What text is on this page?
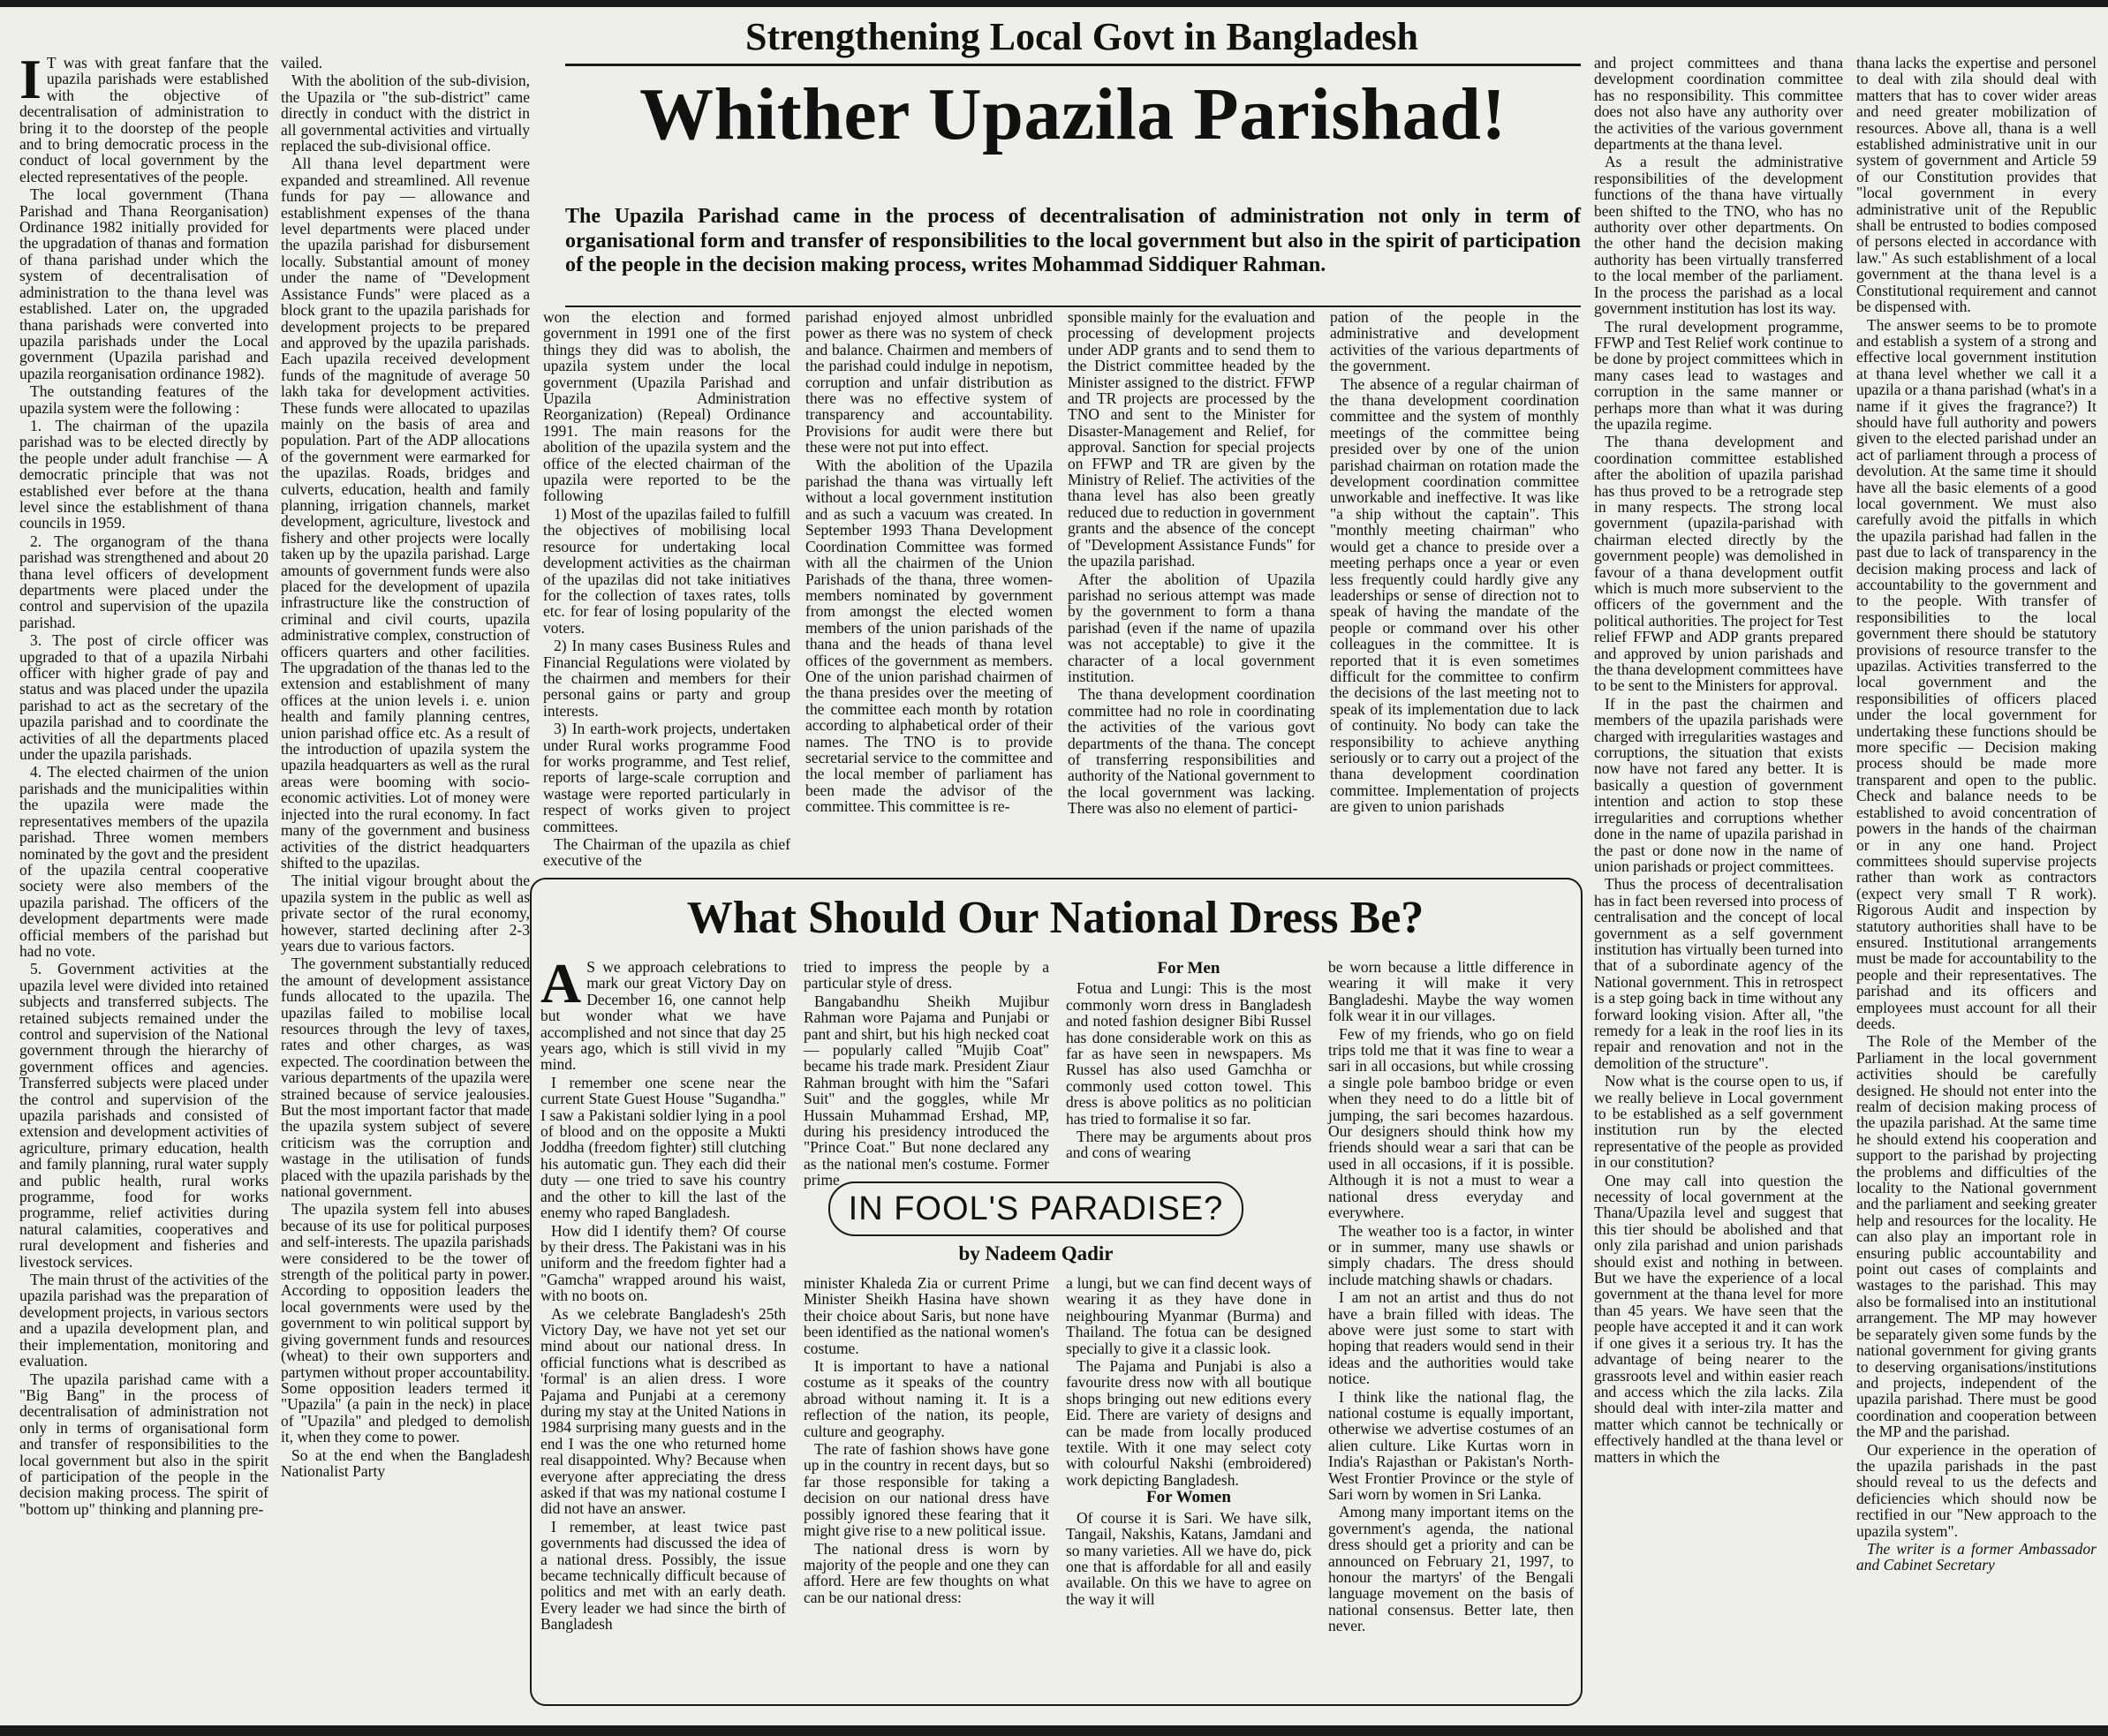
Strengthening Local Govt in Bangladesh
Whither Upazila Parishad!
The Upazila Parishad came in the process of decentralisation of administration not only in term of organisational form and transfer of responsibilities to the local government but also in the spirit of participation of the people in the decision making process, writes Mohammad Siddiquer Rahman.
I T was with great fanfare that the upazila parishads were established with the objective of decentralisation of administration to bring it to the doorstep of the people and to bring democratic process in the conduct of local government by the elected representatives of the people.

The local government (Thana Parishad and Thana Reorganisation) Ordinance 1982 initially provided for the upgradation of thanas and formation of thana parishad under which the system of decentralisation of administration to the thana level was established. Later on, the upgraded thana parishads were converted into upazila parishads under the Local government (Upazila parishad and upazila reorganisation ordinance 1982).

The outstanding features of the upazila system were the following :

1. The chairman of the upazila parishad was to be elected directly by the people under adult franchise — A democratic principle that was not established ever before at the thana level since the establishment of thana councils in 1959.

2. The organogram of the thana parishad was strengthened and about 20 thana level officers of development departments were placed under the control and supervision of the upazila parishad.

3. The post of circle officer was upgraded to that of a upazila Nirbahi officer with higher grade of pay and status and was placed under the upazila parishad to act as the secretary of the upazila parishad and to coordinate the activities of all the departments placed under the upazila parishads.

4. The elected chairmen of the union parishads and the municipalities within the upazila were made the representatives members of the upazila parishad. Three women members nominated by the govt and the president of the upazila central cooperative society were also members of the upazila parishad. The officers of the development departments were made official members of the parishad but had no vote.

5. Government activities at the upazila level were divided into retained subjects and transferred subjects. The retained subjects remained under the control and supervision of the National government through the hierarchy of government offices and agencies. Transferred subjects were placed under the control and supervision of the upazila parishads and consisted of extension and development activities of agriculture, primary education, health and family planning, rural water supply and public health, rural works programme, food for works programme, relief activities during natural calamities, cooperatives and rural development and fisheries and livestock services.

The main thrust of the activities of the upazila parishad was the preparation of development projects, in various sectors and a upazila development plan, and their implementation, monitoring and evaluation.

The upazila parishad came with a "Big Bang" in the process of decentralisation of administration not only in terms of organisational form and transfer of responsibilities to the local government but also in the spirit of participation of the people in the decision making process. The spirit of "bottom up" thinking and planning pre-

vailed.

With the abolition of the sub-division, the Upazila or "the sub-district" came directly in conduct with the district in all governmental activities and virtually replaced the sub-divisional office.

All thana level department were expanded and streamlined. All revenue funds for pay — allowance and establishment expenses of the thana level departments were placed under the upazila parishad for disbursement locally. Substantial amount of money under the name of "Development Assistance Funds" were placed as a block grant to the upazila parishads for development projects to be prepared and approved by the upazila parishads. Each upazila received development funds of the magnitude of average 50 lakh taka for development activities. These funds were allocated to upazilas mainly on the basis of area and population. Part of the ADP allocations of the government were earmarked for the upazilas. Roads, bridges and culverts, education, health and family planning, irrigation channels, market development, agriculture, livestock and fishery and other projects were locally taken up by the upazila parishad. Large amounts of government funds were also placed for the development of upazila infrastructure like the construction of criminal and civil courts, upazila administrative complex, construction of officers quarters and other facilities. The upgradation of the thanas led to the extension and establishment of many offices at the union levels i. e. union health and family planning centres, union parishad office etc. As a result of the introduction of upazila system the upazila headquarters as well as the rural areas were booming with socio-economic activities. Lot of money were injected into the rural economy. In fact many of the government and business activities of the district headquarters shifted to the upazilas.

The initial vigour brought about the upazila system in the public as well as private sector of the rural economy, however, started declining after 2-3 years due to various factors.

The government substantially reduced the amount of development assistance funds allocated to the upazila. The upazilas failed to mobilise local resources through the levy of taxes, rates and other charges, as was expected. The coordination between the various departments of the upazila were strained because of service jealousies. But the most important factor that made the upazila system subject of severe criticism was the corruption and wastage in the utilisation of funds placed with the upazila parishads by the national government.

The upazila system fell into abuses because of its use for political purposes and self-interests. The upazila parishads were considered to be the tower of strength of the political party in power. According to opposition leaders the local governments were used by the government to win political support by giving government funds and resources (wheat) to their own supporters and partymen without proper accountability. Some opposition leaders termed it "Upazila" (a pain in the neck) in place of "Upazila" and pledged to demolish it, when they come to power.

So at the end when the Bangladesh Nationalist Party

won the election and formed government in 1991 one of the first things they did was to abolish, the upazila system under the local government (Upazila Parishad and Upazila Administration Reorganization) (Repeal) Ordinance 1991. The main reasons for the abolition of the upazila system and the office of the elected chairman of the upazila were reported to be the following

1) Most of the upazilas failed to fulfill the objectives of mobilising local resource for undertaking local development activities as the chairman of the upazilas did not take initiatives for the collection of taxes rates, tolls etc. for fear of losing popularity of the voters.

2) In many cases Business Rules and Financial Regulations were violated by the chairmen and members for their personal gains or party and group interests.

3) In earth-work projects, undertaken under Rural works programme Food for works programme, and Test relief, reports of large-scale corruption and wastage were reported particularly in respect of works given to project committees.

The Chairman of the upazila as chief executive of the

parishad enjoyed almost unbridled power as there was no system of check and balance. Chairmen and members of the parishad could indulge in nepotism, corruption and unfair distribution as there was no effective system of transparency and accountability. Provisions for audit were there but these were not put into effect.

With the abolition of the Upazila parishad the thana was virtually left without a local government institution and as such a vacuum was created. In September 1993 Thana Development Coordination Committee was formed with all the chairmen of the Union Parishads of the thana, three women-members nominated by government from amongst the elected women members of the union parishads of the thana and the heads of thana level offices of the government as members. One of the union parishad chairmen of the thana presides over the meeting of the committee each month by rotation according to alphabetical order of their names. The TNO is to provide secretarial service to the committee and the local member of parliament has been made the advisor of the committee. This committee is re-

sponsible mainly for the evaluation and processing of development projects under ADP grants and to send them to the District committee headed by the Minister assigned to the district. FFWP and TR projects are processed by the TNO and sent to the Minister for Disaster-Management and Relief, for approval. Sanction for special projects on FFWP and TR are given by the Ministry of Relief. The activities of the thana level has also been greatly reduced due to reduction in government grants and the absence of the concept of "Development Assistance Funds" for the upazila parishad.

After the abolition of Upazila parishad no serious attempt was made by the government to form a thana parishad (even if the name of upazila was not acceptable) to give it the character of a local government institution.

The thana development coordination committee had no role in coordinating the activities of the various govt departments of the thana. The concept of transferring responsibilities and authority of the National government to the local government was lacking. There was also no element of partici-

pation of the people in the administrative and development activities of the various departments of the government.

The absence of a regular chairman of the thana development coordination committee and the system of monthly meetings of the committee being presided over by one of the union parishad chairman on rotation made the development coordination committee unworkable and ineffective. It was like "a ship without the captain". This "monthly meeting chairman" who would get a chance to preside over a meeting perhaps once a year or even less frequently could hardly give any leaderships or sense of direction not to speak of having the mandate of the people or command over his other colleagues in the committee. It is reported that it is even sometimes difficult for the committee to confirm the decisions of the last meeting not to speak of its implementation due to lack of continuity. No body can take the responsibility to achieve anything seriously or to carry out a project of the thana development coordination committee. Implementation of projects are given to union parishads

and project committees and thana development coordination committee has no responsibility. This committee does not also have any authority over the activities of the various government departments at the thana level.

As a result the administrative responsibilities of the development functions of the thana have virtually been shifted to the TNO, who has no authority over other departments. On the other hand the decision making authority has been virtually transferred to the local member of the parliament. In the process the parishad as a local government institution has lost its way.

The rural development programme, FFWP and Test Relief work continue to be done by project committees which in many cases lead to wastages and corruption in the same manner or perhaps more than what it was during the upazila regime.

The thana development and coordination committee established after the abolition of upazila parishad has thus proved to be a retrograde step in many respects. The strong local government (upazila-parishad with chairman elected directly by the government people) was demolished in favour of a thana development outfit which is much more subservient to the officers of the government and the political authorities. The project for Test relief FFWP and ADP grants prepared and approved by union parishads and the thana development committees have to be sent to the Ministers for approval.

If in the past the chairmen and members of the upazila parishads were charged with irregularities wastages and corruptions, the situation that exists now have not fared any better. It is basically a question of government intention and action to stop these irregularities and corruptions whether done in the name of upazila parishad in the past or done now in the name of union parishads or project committees.

Thus the process of decentralisation has in fact been reversed into process of centralisation and the concept of local government as a self government institution has virtually been turned into that of a subordinate agency of the National government. This in retrospect is a step going back in time without any forward looking vision. After all, "the remedy for a leak in the roof lies in its repair and renovation and not in the demolition of the structure".

Now what is the course open to us, if we really believe in Local government to be established as a self government institution run by the elected representative of the people as provided in our constitution?

One may call into question the necessity of local government at the Thana/Upazila level and suggest that this tier should be abolished and that only zila parishad and union parishads should exist and nothing in between. But we have the experience of a local government at the thana level for more than 45 years. We have seen that the people have accepted it and it can work if one gives it a serious try. It has the advantage of being nearer to the grassroots level and within easier reach and access which the zila lacks. Zila should deal with inter-zila matter and matter which cannot be technically or effectively handled at the thana level or matters in which the

thana lacks the expertise and personel to deal with zila should deal with matters that has to cover wider areas and need greater mobilization of resources. Above all, thana is a well established administrative unit in our system of government and Article 59 of our Constitution provides that "local government in every administrative unit of the Republic shall be entrusted to bodies composed of persons elected in accordance with law." As such establishment of a local government at the thana level is a Constitutional requirement and cannot be dispensed with.

The answer seems to be to promote and establish a system of a strong and effective local government institution at thana level whether we call it a upazila or a thana parishad (what's in a name if it gives the fragrance?) It should have full authority and powers given to the elected parishad under an act of parliament through a process of devolution. At the same time it should have all the basic elements of a good local government. We must also carefully avoid the pitfalls in which the upazila parishad had fallen in the past due to lack of transparency in the decision making process and lack of accountability to the government and to the people. With transfer of responsibilities to the local government there should be statutory provisions of resource transfer to the upazilas. Activities transferred to the local government and the responsibilities of officers placed under the local government for undertaking these functions should be more specific — Decision making process should be made more transparent and open to the public. Check and balance needs to be established to avoid concentration of powers in the hands of the chairman or in any one hand. Project committees should supervise projects rather than work as contractors (expect very small T R work). Rigorous Audit and inspection by statutory authorities shall have to be ensured. Institutional arrangements must be made for accountability to the people and their representatives. The parishad and its officers and employees must account for all their deeds.

The Role of the Member of the Parliament in the local government activities should be carefully designed. He should not enter into the realm of decision making process of the upazila parishad. At the same time he should extend his cooperation and support to the parishad by projecting the problems and difficulties of the locality to the National government and the parliament and seeking greater help and resources for the locality. He can also play an important role in ensuring public accountability and point out cases of complaints and wastages to the parishad. This may also be formalised into an institutional arrangement. The MP may however be separately given some funds by the national government for giving grants to deserving organisations/institutions and projects, independent of the upazila parishad. There must be good coordination and cooperation between the MP and the parishad.

Our experience in the operation of the upazila parishads in the past should reveal to us the defects and deficiencies which should now be rectified in our "New approach to the upazila system".

The writer is a former Ambassador and Cabinet Secretary

What Should Our National Dress Be?
A S we approach celebrations to mark our great Victory Day on December 16, one cannot help but wonder what we have accomplished and not since that day 25 years ago, which is still vivid in my mind.

I remember one scene near the current State Guest House "Sugandha." I saw a Pakistani soldier lying in a pool of blood and on the opposite a Mukti Joddha (freedom fighter) still clutching his automatic gun. They each did their duty — one tried to save his country and the other to kill the last of the enemy who raped Bangladesh.

How did I identify them? Of course by their dress. The Pakistani was in his uniform and the freedom fighter had a "Gamcha" wrapped around his waist, with no boots on.

As we celebrate Bangladesh's 25th Victory Day, we have not yet set our mind about our national dress. In official functions what is described as 'formal' is an alien dress. I wore Pajama and Punjabi at a ceremony during my stay at the United Nations in 1984 surprising many guests and in the end I was the one who returned home real disappointed. Why? Because when everyone after appreciating the dress asked if that was my national costume I did not have an answer.

I remember, at least twice past governments had discussed the idea of a national dress. Possibly, the issue became technically difficult because of politics and met with an early death. Every leader we had since the birth of Bangladesh

tried to impress the people by a particular style of dress.

Bangabandhu Sheikh Mujibur Rahman wore Pajama and Punjabi or pant and shirt, but his high necked coat — popularly called "Mujib Coat" became his trade mark. President Ziaur Rahman brought with him the "Safari Suit" and the goggles, while Mr Hussain Muhammad Ershad, MP, during his presidency introduced the "Prince Coat." But none declared any as the national men's costume. Former prime

For Men

Fotua and Lungi: This is the most commonly worn dress in Bangladesh and noted fashion designer Bibi Russel has done considerable work on this as far as have seen in newspapers. Ms Russel has also used Gamchha or commonly used cotton towel. This dress is above politics as no politician has tried to formalise it so far.

There may be arguments about pros and cons of wearing

be worn because a little difference in wearing it will make it very Bangladeshi. Maybe the way women folk wear it in our villages.

Few of my friends, who go on field trips told me that it was fine to wear a sari in all occasions, but while crossing a single pole bamboo bridge or even when they need to do a little bit of jumping, the sari becomes hazardous. Our designers should think how my friends should wear a sari that can be used in all occasions, if it is possible. Although it is not a must to wear a national dress everyday and everywhere.

The weather too is a factor, in winter or in summer, many use shawls or simply chadars. The dress should include matching shawls or chadars.

I am not an artist and thus do not have a brain filled with ideas. The above were just some to start with hoping that readers would send in their ideas and the authorities would take notice.

I think like the national flag, the national costume is equally important, otherwise we advertise costumes of an alien culture. Like Kurtas worn in India's Rajasthan or Pakistan's North-West Frontier Province or the style of Sari worn by women in Sri Lanka.

Among many important items on the government's agenda, the national dress should get a priority and can be announced on February 21, 1997, to honour the martyrs' of the Bengali language movement on the basis of national consensus. Better late, then never.

IN FOOL'S PARADISE?
by Nadeem Qadir

minister Khaleda Zia or current Prime Minister Sheikh Hasina have shown their choice about Saris, but none have been identified as the national women's costume.

It is important to have a national costume as it speaks of the country abroad without naming it. It is a reflection of the nation, its people, culture and geography.

The rate of fashion shows have gone up in the country in recent days, but so far those responsible for taking a decision on our national dress have possibly ignored these fearing that it might give rise to a new political issue.

The national dress is worn by majority of the people and one they can afford. Here are few thoughts on what can be our national dress:

a lungi, but we can find decent ways of wearing it as they have done in neighbouring Myanmar (Burma) and Thailand. The fotua can be designed specially to give it a classic look.

The Pajama and Punjabi is also a favourite dress now with all boutique shops bringing out new editions every Eid. There are variety of designs and can be made from locally produced textile. With it one may select coty with colourful Nakshi (embroidered) work depicting Bangladesh.

For Women

Of course it is Sari. We have silk, Tangail, Nakshis, Katans, Jamdani and so many varieties. All we have do, pick one that is affordable for all and easily available. On this we have to agree on the way it will
